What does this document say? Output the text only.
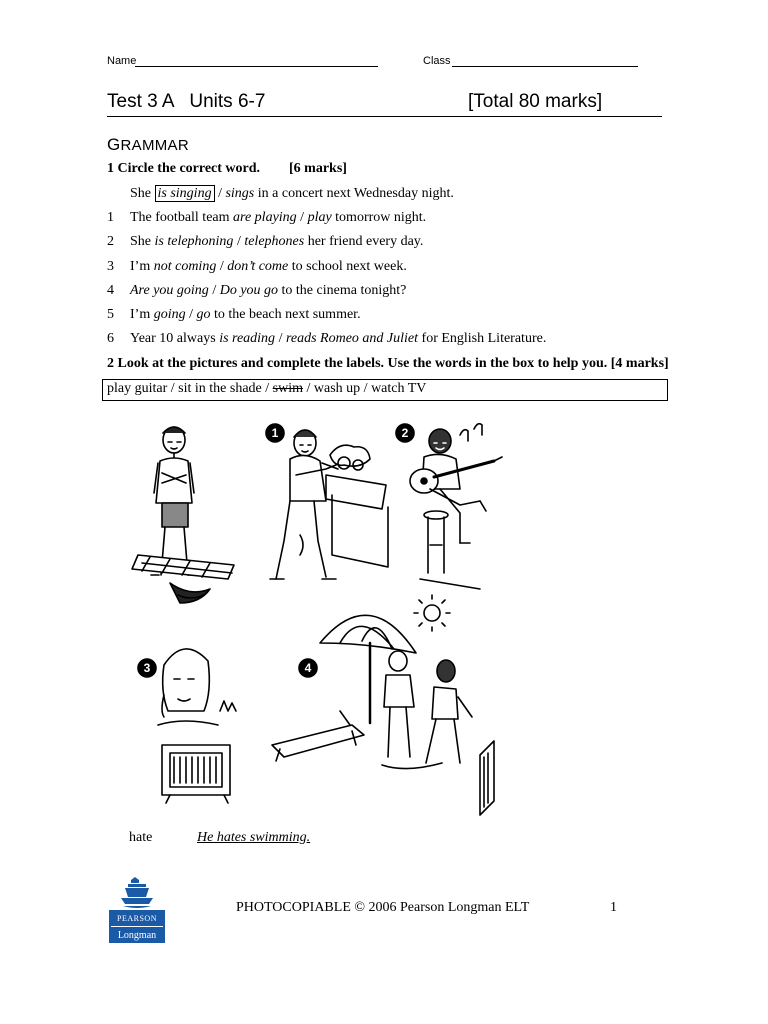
Name	Class
Test 3 A   Units 6-7	[Total 80 marks]
GRAMMAR
1 Circle the correct word. [6 marks]
She is singing / sings in a concert next Wednesday night.
1 The football team are playing / play tomorrow night.
2 She is telephoning / telephones her friend every day.
3 I’m not coming / don’t come to school next week.
4 Are you going / Do you go to the cinema tonight?
5 I’m going / go to the beach next summer.
6 Year 10 always is reading / reads Romeo and Juliet for English Literature.
2 Look at the pictures and complete the labels. Use the words in the box to help you. [4 marks]
play guitar / sit in the shade / swim / wash up / watch TV
1	2
3	4
hate	He hates swimming.
PEARSON
Longman
PHOTOCOPIABLE © 2006 Pearson Longman ELT	1
